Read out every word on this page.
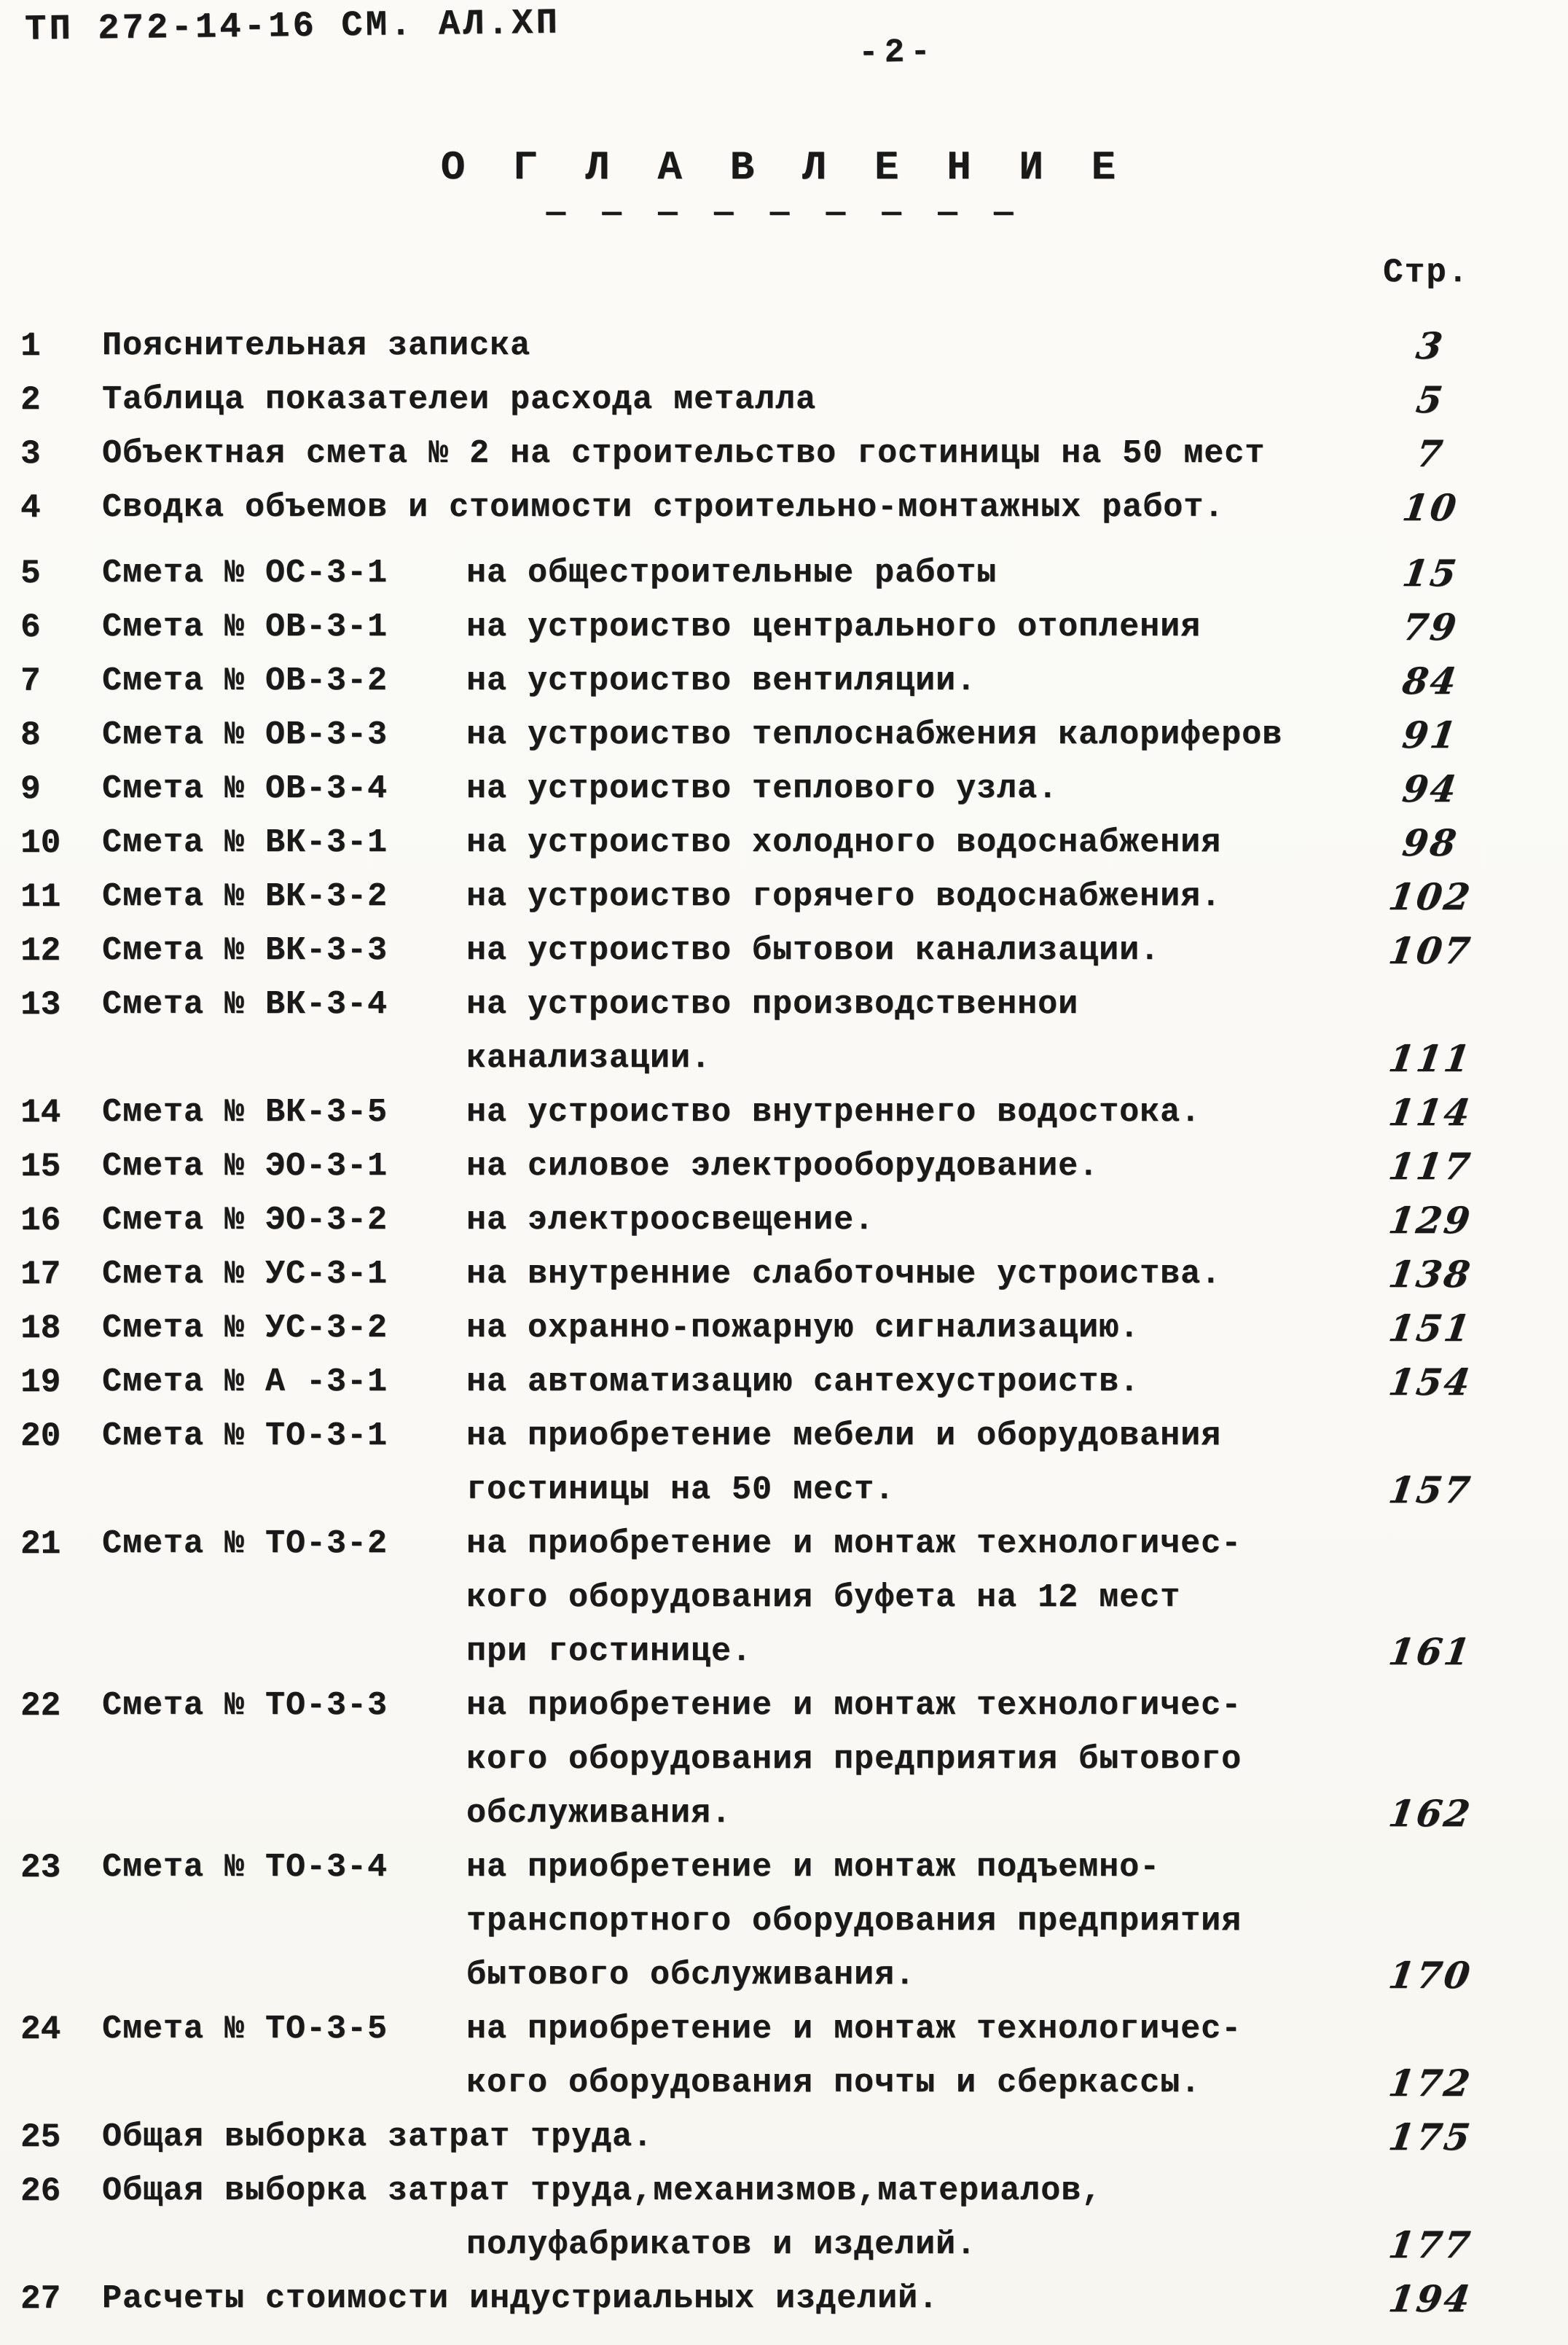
ТП 272-14-16 СМ. АЛ.ХП
-2-
О Г Л А В Л Е Н И Е
— — — — — — — — —
Стр.
1	Пояснительная записка	3
2	Таблица показателеи расхода металла	5
3	Объектная смета № 2 на строительство гостиницы на 50 мест	7
4	Сводка объемов и стоимости строительно-монтажных работ.	10
5	Смета № ОС-3-1	на общестроительные работы	15
6	Смета № ОВ-3-1	на устроиство центрального отопления	79
7	Смета № ОВ-3-2	на устроиство вентиляции.	84
8	Смета № ОВ-3-3	на устроиство теплоснабжения калориферов	91
9	Смета № ОВ-3-4	на устроиство теплового узла.	94
10	Смета № ВК-3-1	на устроиство холодного водоснабжения	98
11	Смета № ВК-3-2	на устроиство горячего водоснабжения.	102
12	Смета № ВК-3-3	на устроиство бытовои канализации.	107
13	Смета № ВК-3-4	на устроиство производственнои
канализации.	111
14	Смета № ВК-3-5	на устроиство внутреннего водостока.	114
15	Смета № ЭО-3-1	на силовое электрооборудование.	117
16	Смета № ЭО-3-2	на электроосвещение.	129
17	Смета № УС-3-1	на внутренние слаботочные устроиства.	138
18	Смета № УС-3-2	на охранно-пожарную сигнализацию.	151
19	Смета № А -3-1	на автоматизацию сантехустроиств.	154
20	Смета № ТО-3-1	на приобретение мебели и оборудования
гостиницы на 50 мест.	157
21	Смета № ТО-3-2	на приобретение и монтаж технологичес-
кого оборудования буфета на 12 мест
при гостинице.	161
22	Смета № ТО-3-3	на приобретение и монтаж технологичес-
кого оборудования предприятия бытового
обслуживания.	162
23	Смета № ТО-3-4	на приобретение и монтаж подъемно-
транспортного оборудования предприятия
бытового обслуживания.	170
24	Смета № ТО-3-5	на приобретение и монтаж технологичес-
кого оборудования почты и сберкассы.	172
25	Общая выборка затрат труда.	175
26	Общая выборка затрат труда,механизмов,материалов,
полуфабрикатов и изделий.	177
27	Расчеты стоимости индустриальных изделий.	194
